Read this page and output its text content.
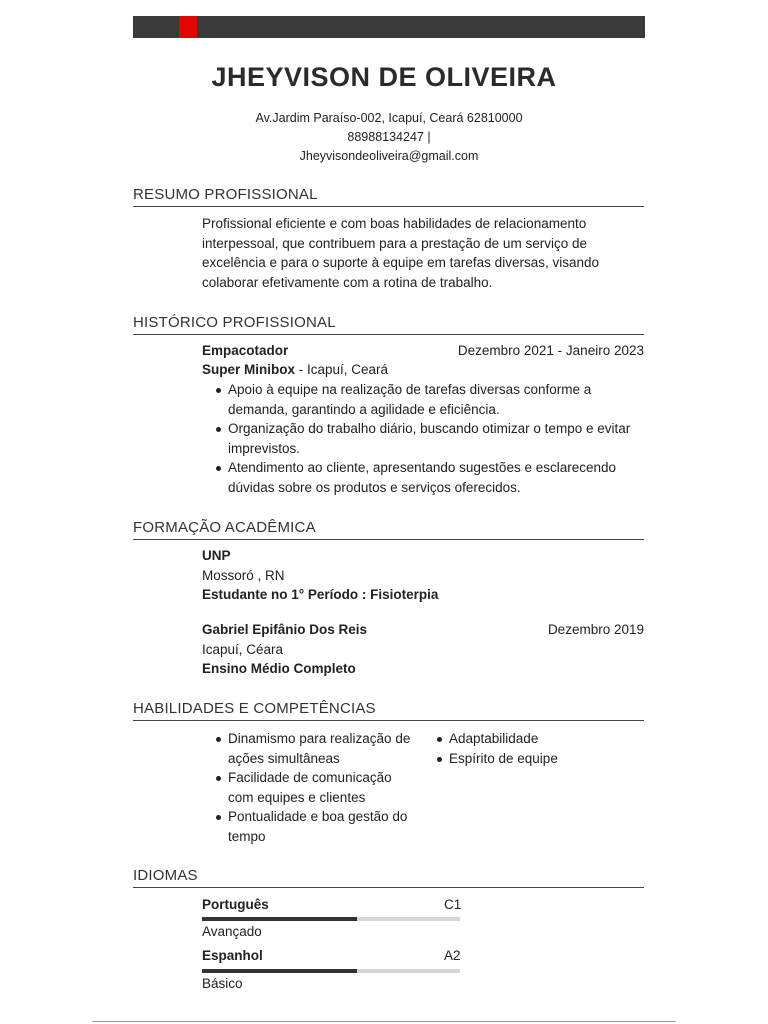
JHEYVISON DE OLIVEIRA
Av.Jardim Paraíso-002, Icapuí, Ceará 62810000
88988134247 |
Jheyvisondeoliveira@gmail.com
RESUMO PROFISSIONAL
Profissional eficiente e com boas habilidades de relacionamento
interpessoal, que contribuem para a prestação de um serviço de
excelência e para o suporte à equipe em tarefas diversas, visando
colaborar efetivamente com a rotina de trabalho.
HISTÓRICO PROFISSIONAL
Empacotador	Dezembro 2021 - Janeiro 2023
Super Minibox - Icapuí, Ceará
Apoio à equipe na realização de tarefas diversas conforme a demanda, garantindo a agilidade e eficiência.
Organização do trabalho diário, buscando otimizar o tempo e evitar imprevistos.
Atendimento ao cliente, apresentando sugestões e esclarecendo dúvidas sobre os produtos e serviços oferecidos.
FORMAÇÃO ACADÊMICA
UNP
Mossoró , RN
Estudante no 1° Período : Fisioterpia
Gabriel Epifânio Dos Reis	Dezembro 2019
Icapuí, Céara
Ensino Médio Completo
HABILIDADES E COMPETÊNCIAS
Dinamismo para realização de ações simultâneas
Facilidade de comunicação com equipes e clientes
Pontualidade e boa gestão do tempo
Adaptabilidade
Espírito de equipe
IDIOMAS
Português	C1
Avançado
Espanhol	A2
Básico
